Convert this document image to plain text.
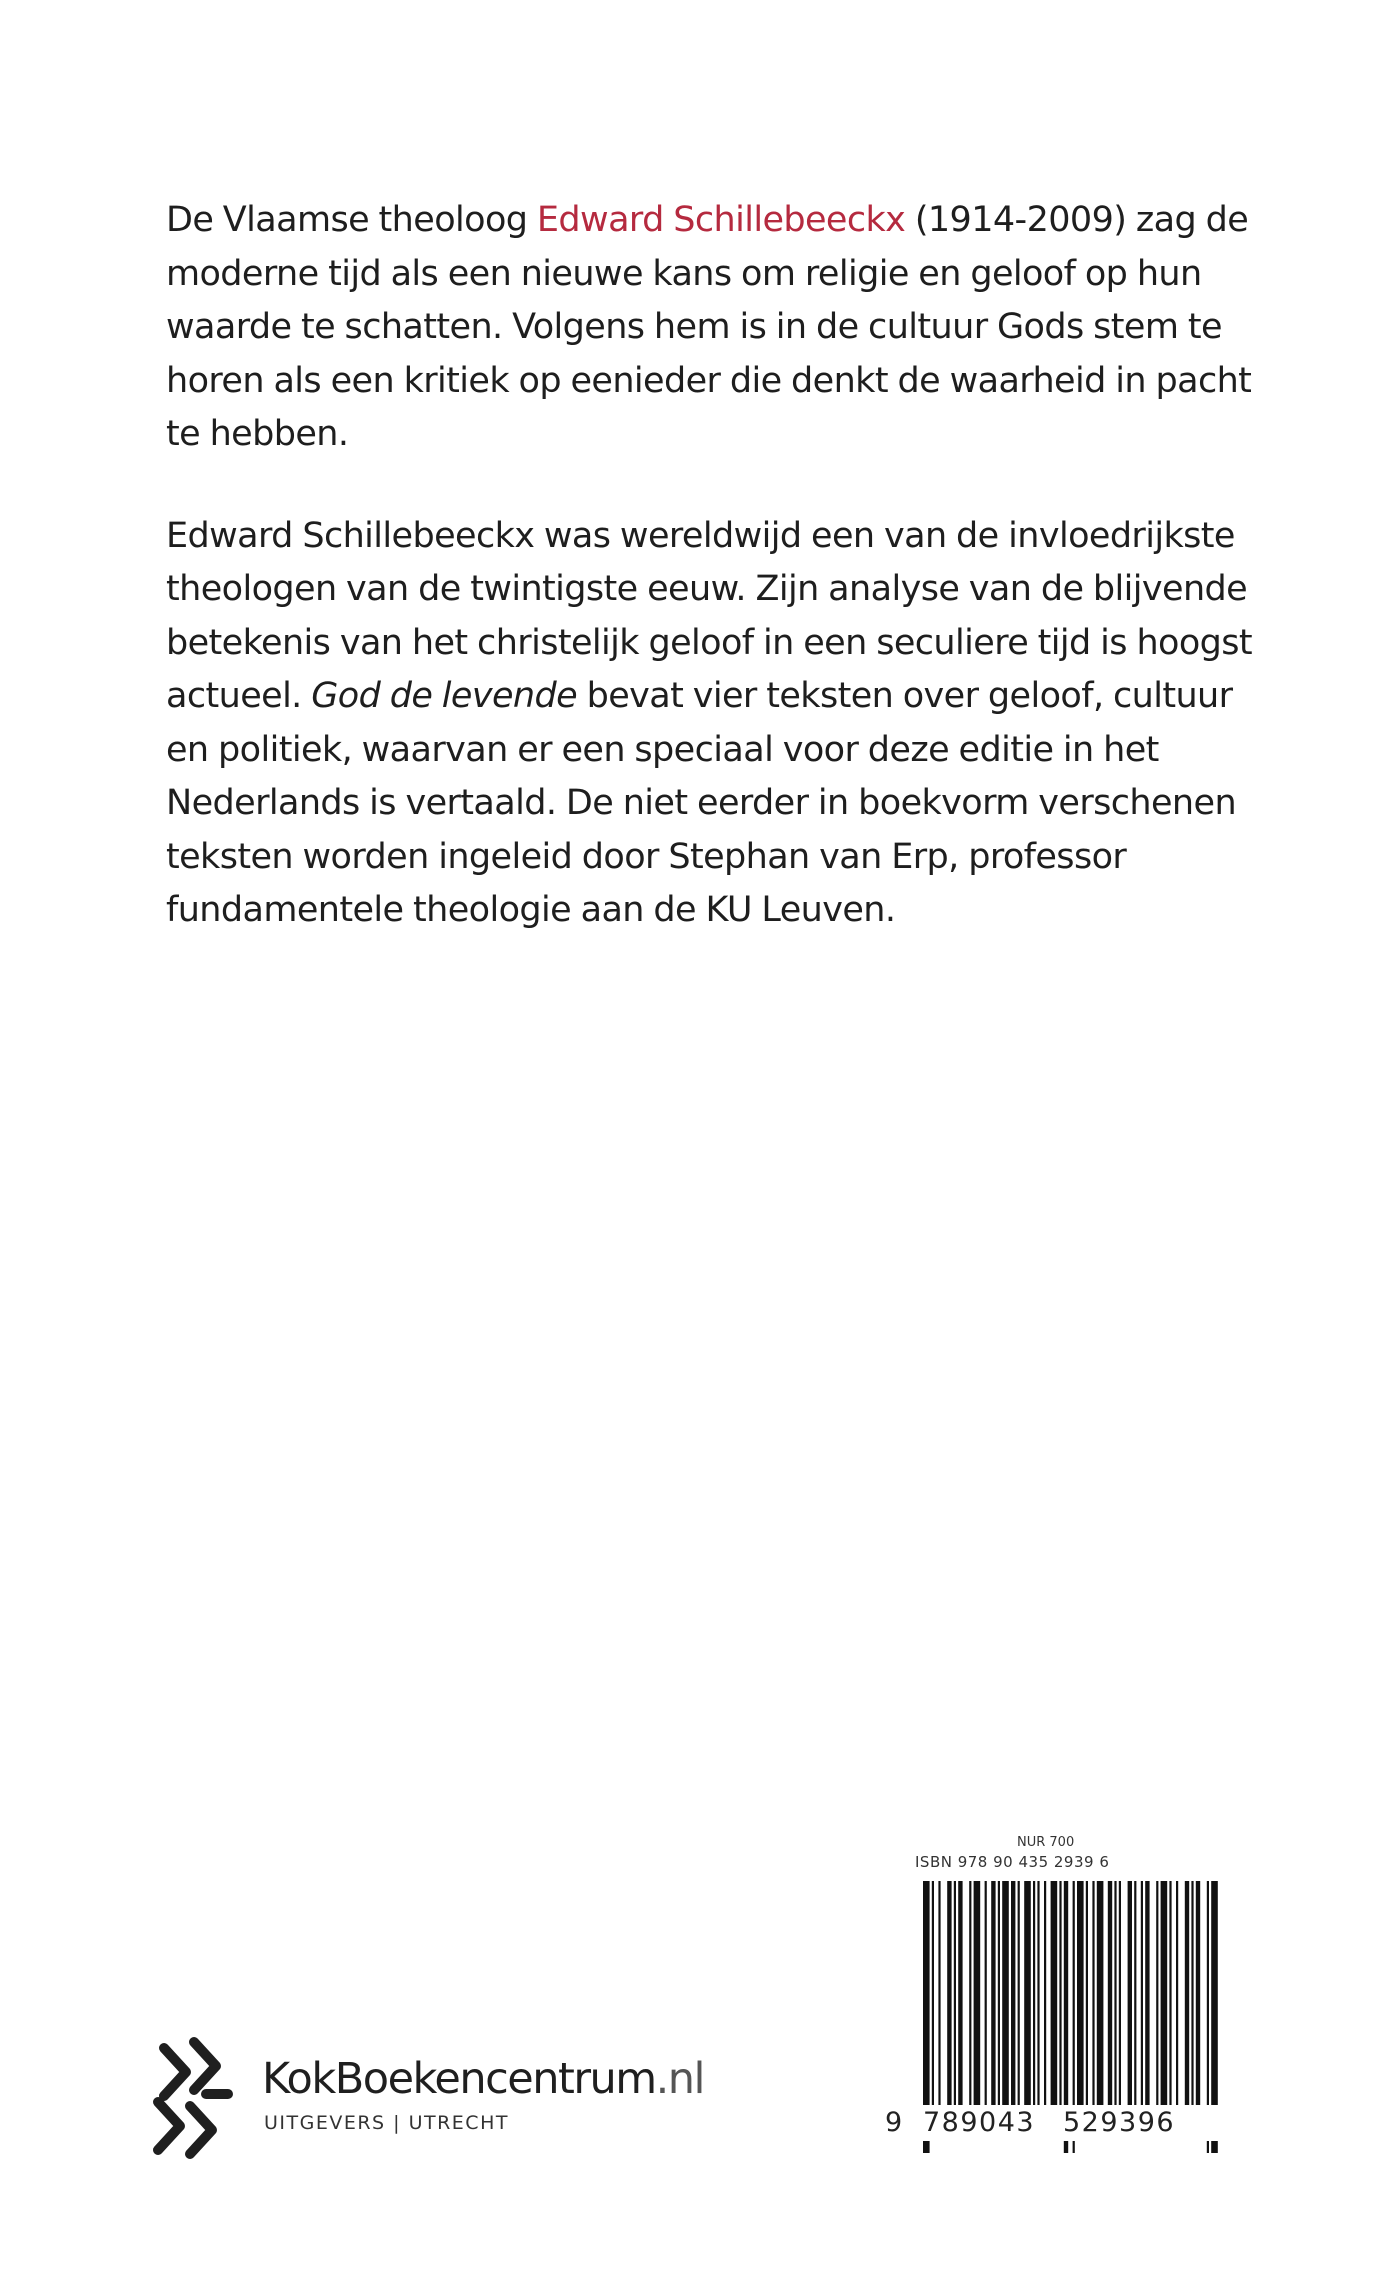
De Vlaamse theoloog Edward Schillebeeckx (1914-2009) zag de moderne tijd als een nieuwe kans om religie en geloof op hun waarde te schatten. Volgens hem is in de cultuur Gods stem te horen als een kritiek op eenieder die denkt de waarheid in pacht te hebben.

Edward Schillebeeckx was wereldwijd een van de invloedrijkste theologen van de twintigste eeuw. Zijn analyse van de blijvende betekenis van het christelijk geloof in een seculiere tijd is hoogst actueel. God de levende bevat vier teksten over geloof, cultuur en politiek, waarvan er een speciaal voor deze editie in het Nederlands is vertaald. De niet eerder in boekvorm verschenen teksten worden ingeleid door Stephan van Erp, professor fundamentele theologie aan de KU Leuven.

KokBoekencentrum.nl
UITGEVERS | UTRECHT
NUR 700
ISBN 978 90 435 2939 6
9 789043 529396
